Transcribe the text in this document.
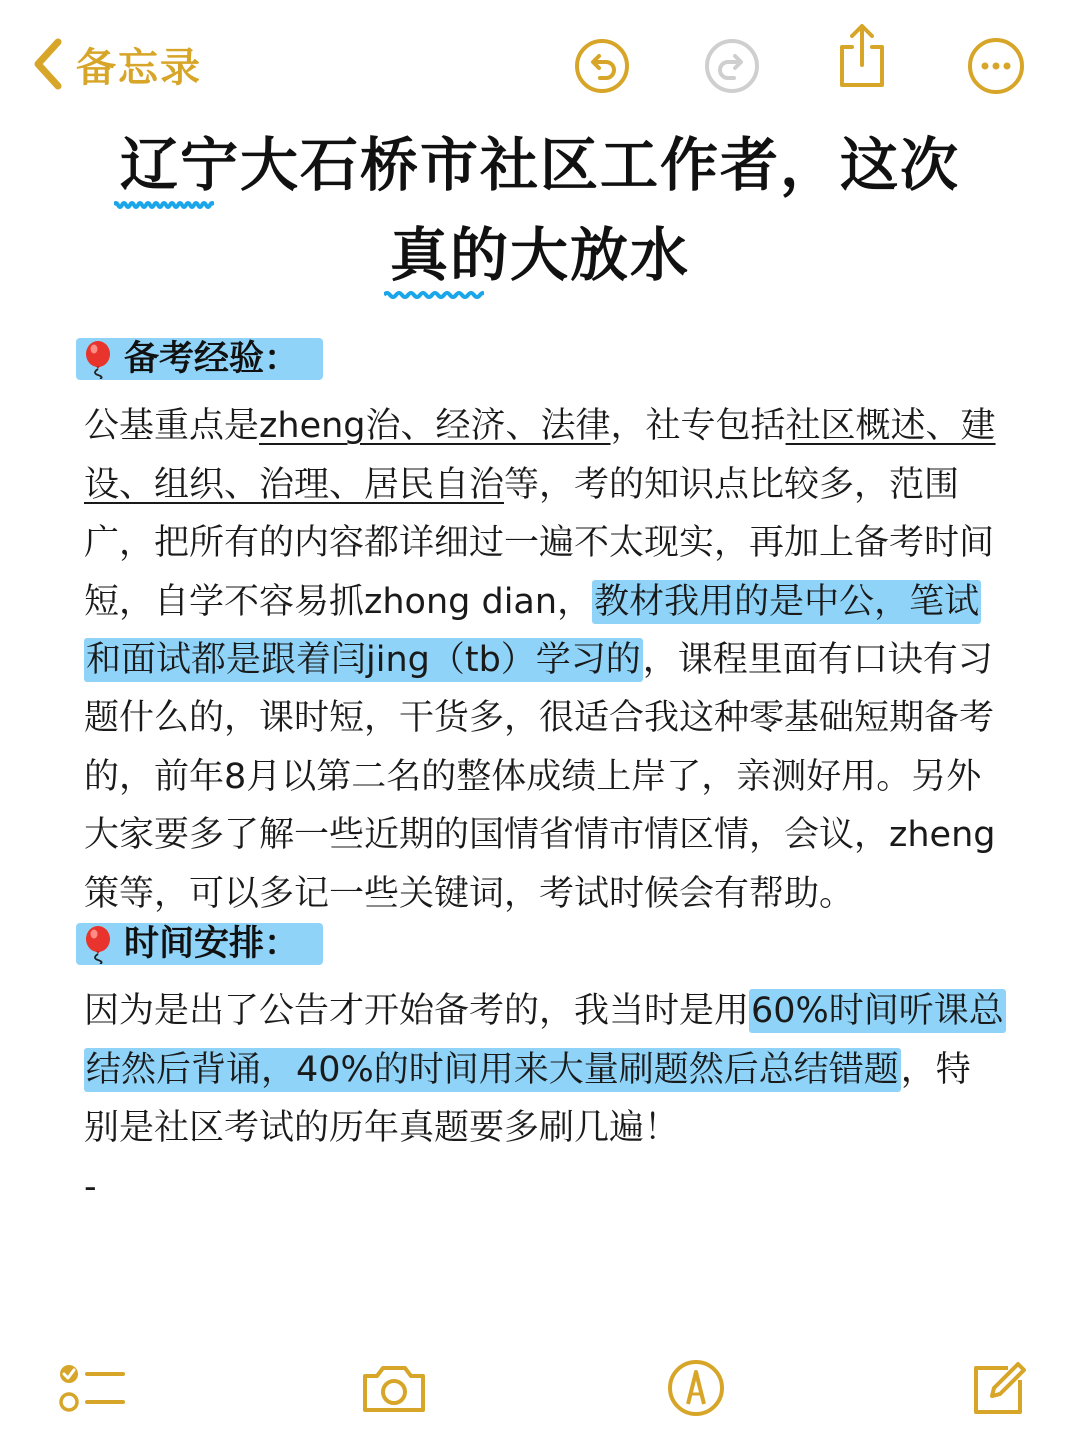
备忘录
辽宁大石桥市社区工作者，这次
真的大放水
备考经验：

公基重点是zheng治、经济、法律，社专包括社区概述、建设、组织、治理、居民自治等，考的知识点比较多，范围广，把所有的内容都详细过一遍不太现实，再加上备考时间短，自学不容易抓zhong dian，教材我用的是中公，笔试和面试都是跟着闫jing（tb）学习的，课程里面有口诀有习题什么的，课时短，干货多，很适合我这种零基础短期备考的，前年8月以第二名的整体成绩上岸了，亲测好用。另外大家要多了解一些近期的国情省情市情区情，会议，zheng策等，可以多记一些关键词，考试时候会有帮助。

时间安排：

因为是出了公告才开始备考的，我当时是用60%时间听课总结然后背诵，40%的时间用来大量刷题然后总结错题，特别是社区考试的历年真题要多刷几遍！

-
